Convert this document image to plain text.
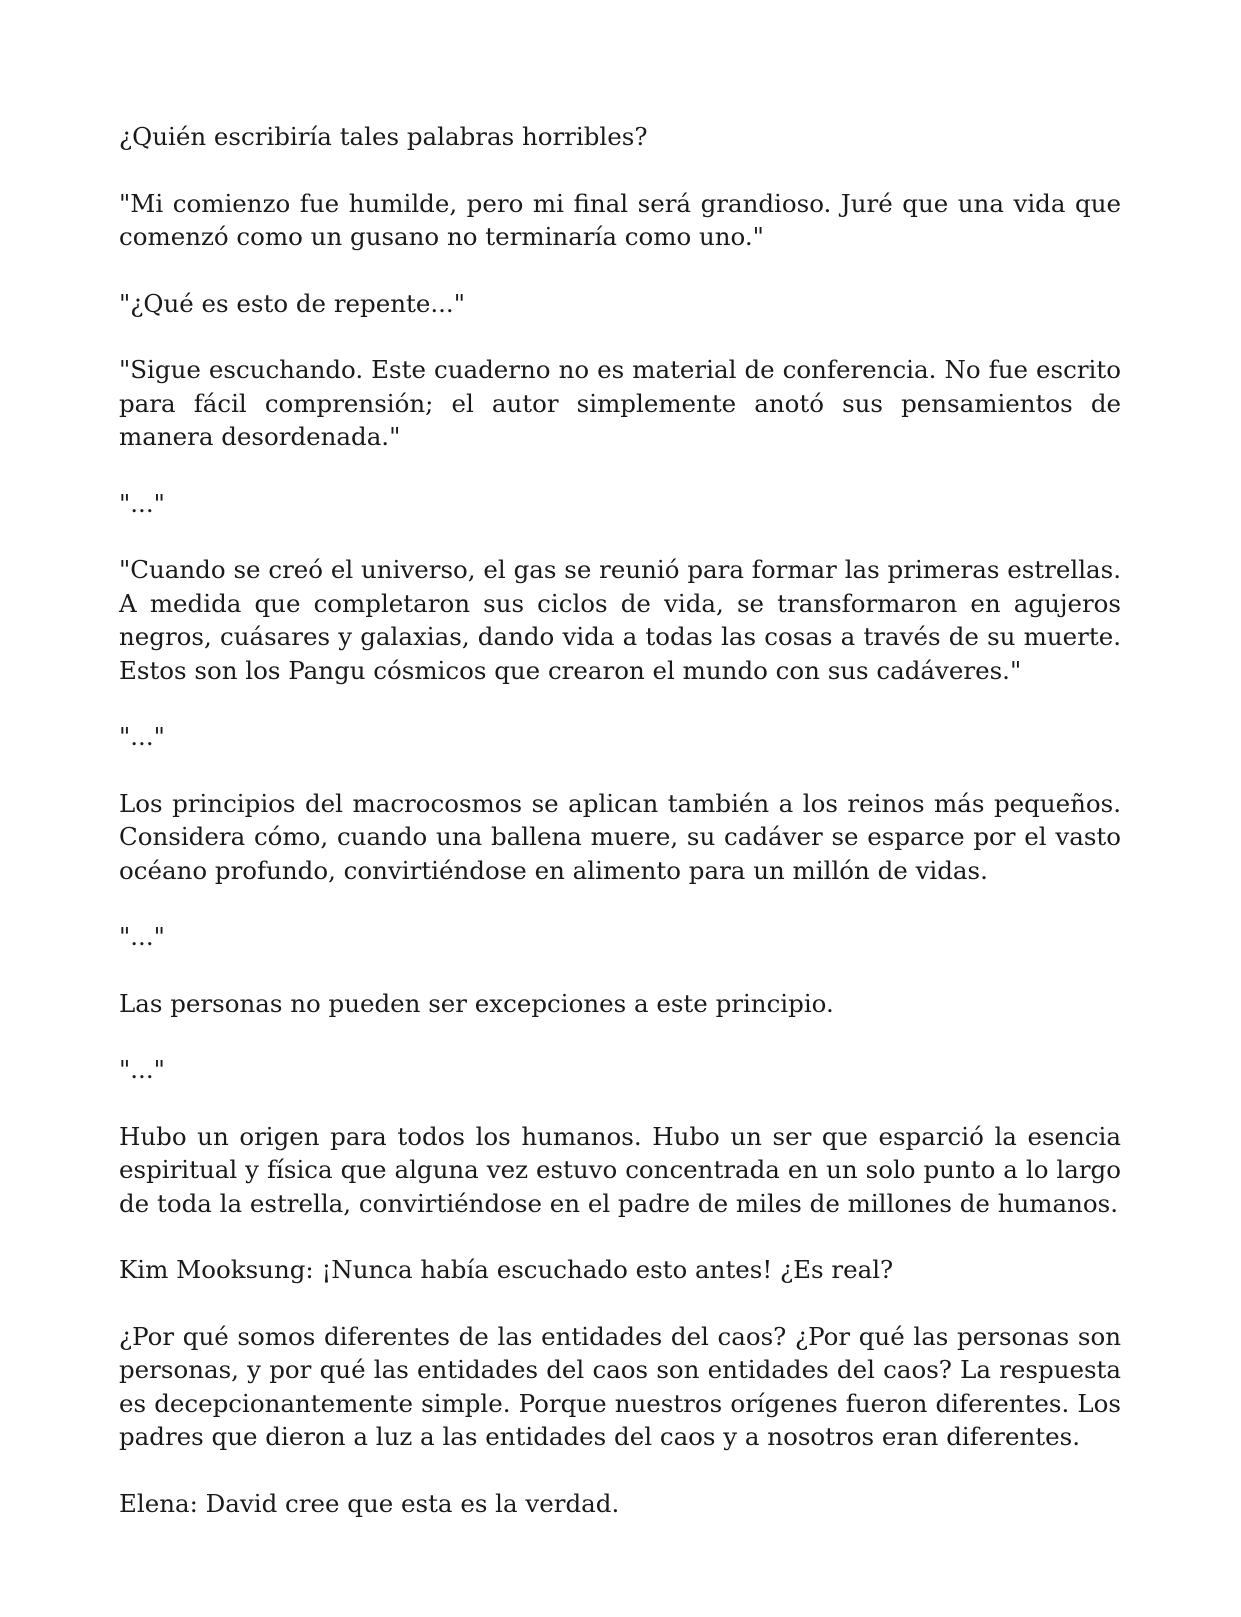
¿Quién escribiría tales palabras horribles?

"Mi comienzo fue humilde, pero mi final será grandioso. Juré que una vida que comenzó como un gusano no terminaría como uno."

"¿Qué es esto de repente..."

"Sigue escuchando. Este cuaderno no es material de conferencia. No fue escrito para fácil comprensión; el autor simplemente anotó sus pensamientos de manera desordenada."

"..."

"Cuando se creó el universo, el gas se reunió para formar las primeras estrellas. A medida que completaron sus ciclos de vida, se transformaron en agujeros negros, cuásares y galaxias, dando vida a todas las cosas a través de su muerte. Estos son los Pangu cósmicos que crearon el mundo con sus cadáveres."

"..."

Los principios del macrocosmos se aplican también a los reinos más pequeños. Considera cómo, cuando una ballena muere, su cadáver se esparce por el vasto océano profundo, convirtiéndose en alimento para un millón de vidas.

"..."

Las personas no pueden ser excepciones a este principio.

"..."

Hubo un origen para todos los humanos. Hubo un ser que esparció la esencia espiritual y física que alguna vez estuvo concentrada en un solo punto a lo largo de toda la estrella, convirtiéndose en el padre de miles de millones de humanos.

Kim Mooksung: ¡Nunca había escuchado esto antes! ¿Es real?

¿Por qué somos diferentes de las entidades del caos? ¿Por qué las personas son personas, y por qué las entidades del caos son entidades del caos? La respuesta es decepcionantemente simple. Porque nuestros orígenes fueron diferentes. Los padres que dieron a luz a las entidades del caos y a nosotros eran diferentes.

Elena: David cree que esta es la verdad.
